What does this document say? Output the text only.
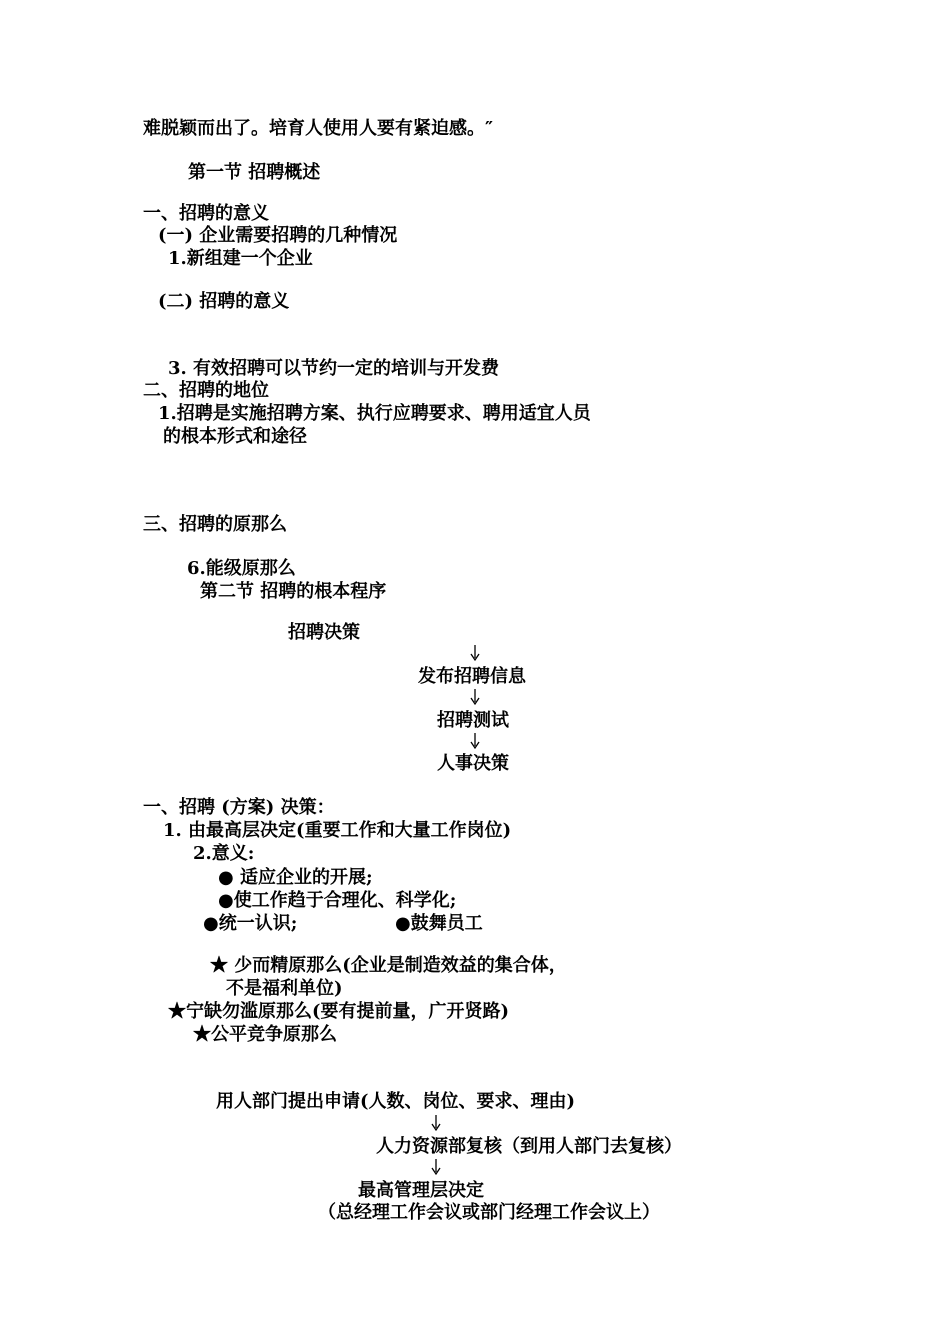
难脱颖而出了。培育人使用人要有紧迫感。″
第一节 招聘概述
一、招聘的意义
(一) 企业需要招聘的几种情况
1.新组建一个企业
(二) 招聘的意义
3. 有效招聘可以节约一定的培训与开发费
二、招聘的地位
1.招聘是实施招聘方案、执行应聘要求、聘用适宜人员
的根本形式和途径
三、招聘的原那么
6.能级原那么
第二节 招聘的根本程序
招聘决策
发布招聘信息
招聘测试
人事决策
一、招聘 (方案) 决策：
1. 由最高层决定(重要工作和大量工作岗位)
2.意义:
● 适应企业的开展;
●使工作趋于合理化、科学化;
●统一认识;	●鼓舞员工
★ 少而精原那么(企业是制造效益的集合体，
不是福利单位)
★宁缺勿滥原那么(要有提前量，广开贤路)
★公平竞争原那么
用人部门提出申请(人数、岗位、要求、理由)
人力资源部复核（到用人部门去复核）
最高管理层决定
（总经理工作会议或部门经理工作会议上）
